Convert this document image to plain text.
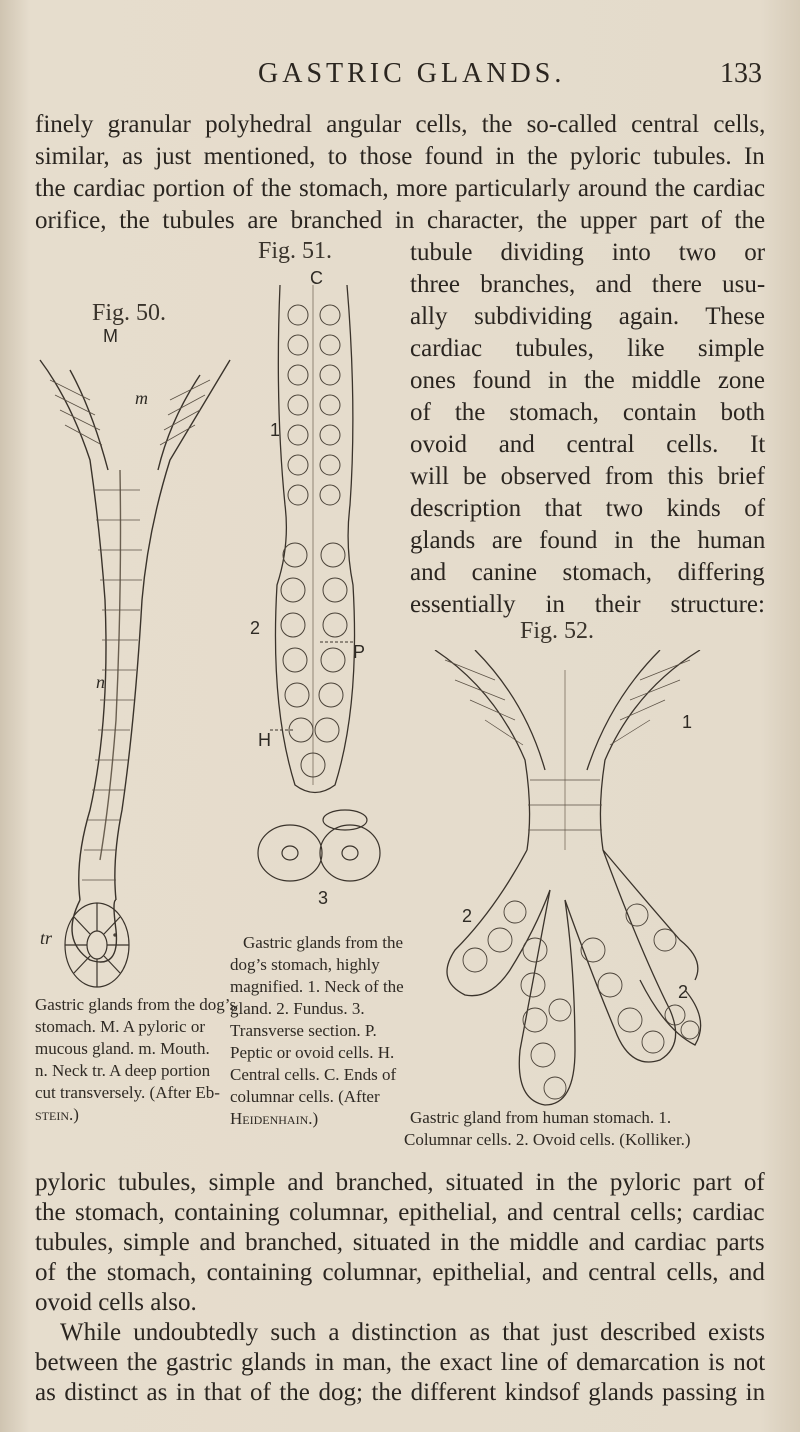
GASTRIC GLANDS.	133
finely granular polyhedral angular cells, the so-called central cells,
similar, as just mentioned, to those found in the pyloric tubules. In
the cardiac portion of the stomach, more particularly around the cardiac
orifice, the tubules are branched in character, the upper part of the
tubule dividing into two or
three branches, and there usu-
ally subdividing again. These
cardiac tubules, like simple
ones found in the middle zone
of the stomach, contain both
ovoid and central cells. It
will be observed from this brief
description that two kinds of
glands are found in the human
and canine stomach, differing
essentially in their structure:
Fig. 50.
M
m
n
tr
Gastric glands from the dog’s
stomach. M. A pyloric or
mucous gland. m. Mouth.
n. Neck tr. A deep portion
cut transversely. (After Eb-
stein.)
Fig. 51.
C
1
2
P
H
3
Gastric glands from the
dog’s stomach, highly
magnified. 1. Neck of the
gland. 2. Fundus. 3.
Transverse section. P.
Peptic or ovoid cells. H.
Central cells. C. Ends of
columnar cells. (After
Heidenhain.)
Fig. 52.
1
2
2
Gastric gland from human stomach. 1.
Columnar cells. 2. Ovoid cells. (Kolliker.)
pyloric tubules, simple and branched, situated in the pyloric part of
the stomach, containing columnar, epithelial, and central cells; cardiac
tubules, simple and branched, situated in the middle and cardiac parts
of the stomach, containing columnar, epithelial, and central cells, and
ovoid cells also.
While undoubtedly such a distinction as that just described exists
between the gastric glands in man, the exact line of demarcation is not
as distinct as in that of the dog; the different kindsof glands passing in
